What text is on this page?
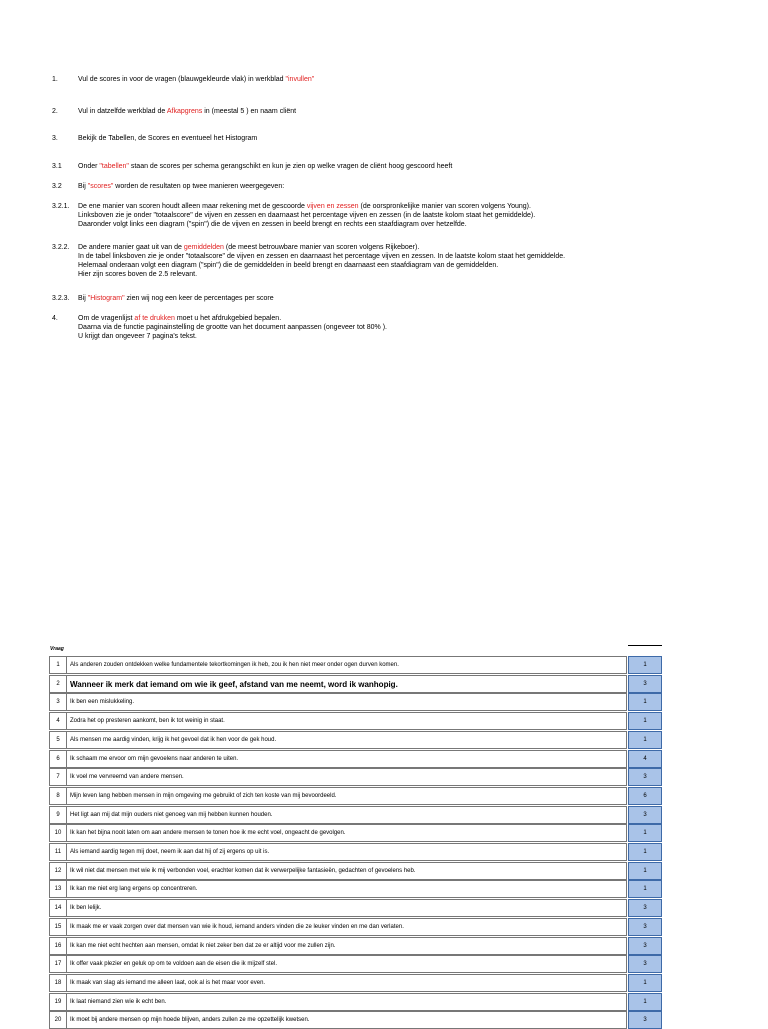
1.	Vul de scores in voor de vragen (blauwgekleurde vlak) in werkblad "invullen"
2.	Vul in datzelfde werkblad de Afkapgrens in (meestal 5 ) en naam cliënt
3.	Bekijk de Tabellen, de Scores en eventueel het Histogram
3.1	Onder "tabellen" staan de scores per schema gerangschikt en kun je zien op welke vragen de cliënt hoog gescoord heeft
3.2	Bij "scores" worden de resultaten op twee manieren weergegeven:
3.2.1.	De ene manier van scoren houdt alleen maar rekening met de gescoorde vijven en zessen (de oorspronkelijke manier van scoren volgens Young).
Linksboven zie je onder "totaalscore" de vijven en zessen en daarnaast het percentage vijven en zessen (in de laatste kolom staat het gemiddelde).
Daaronder volgt links een diagram ("spin") die de vijven en zessen in beeld brengt en rechts een staafdiagram over hetzelfde.
3.2.2.	De andere manier gaat uit van de gemiddelden (de meest betrouwbare manier van scoren volgens Rijkeboer).
In de tabel linksboven zie je onder "totaalscore" de vijven en zessen en daarnaast het percentage vijven en zessen. In de laatste kolom staat het gemiddelde.
Helemaal onderaan volgt een diagram ("spin") die de gemiddelden in beeld brengt en daarnaast een staafdiagram van de gemiddelden.
Hier zijn scores boven de 2.5 relevant.
3.2.3.	Bij "Histogram" zien wij nog een keer de percentages per score
4.	Om de vragenlijst af te drukken moet u het afdrukgebied bepalen.
Daarna via de functie paginainstelling de grootte van het document aanpassen (ongeveer tot 80% ).
U krijgt dan ongeveer 7 pagina's tekst.
Vraag
1	Als anderen zouden ontdekken welke fundamentele tekortkomingen ik heb, zou ik hen niet meer onder ogen durven komen.	1
2	Wanneer ik merk dat iemand om wie ik geef, afstand van me neemt, word ik wanhopig.	3
3	Ik ben een mislukkeling.	1
4	Zodra het op presteren aankomt, ben ik tot weinig in staat.	1
5	Als mensen me aardig vinden, krijg ik het gevoel dat ik hen voor de gek houd.	1
6	Ik schaam me ervoor om mijn gevoelens naar anderen te uiten.	4
7	Ik voel me vervreemd van andere mensen.	3
8	Mijn leven lang hebben mensen in mijn omgeving me gebruikt of zich ten koste van mij bevoordeeld.	6
9	Het ligt aan mij dat mijn ouders niet genoeg van mij hebben kunnen houden.	3
10	Ik kan het bijna nooit laten om aan andere mensen te tonen hoe ik me echt voel, ongeacht de gevolgen.	1
11	Als iemand aardig tegen mij doet, neem ik aan dat hij of zij ergens op uit is.	1
12	Ik wil niet dat mensen met wie ik mij verbonden voel, erachter komen dat ik verwerpelijke fantasieën, gedachten of gevoelens heb.	1
13	Ik kan me niet erg lang ergens op concentreren.	1
14	Ik ben lelijk.	3
15	Ik maak me er vaak zorgen over dat mensen van wie ik houd, iemand anders vinden die ze leuker vinden en me dan verlaten.	3
16	Ik kan me niet echt hechten aan mensen, omdat ik niet zeker ben dat ze er altijd voor me zullen zijn.	3
17	Ik offer vaak plezier en geluk op om te voldoen aan de eisen die ik mijzelf stel.	3
18	Ik maak van slag als iemand me alleen laat, ook al is het maar voor even.	1
19	Ik laat niemand zien wie ik echt ben.	1
20	Ik moet bij andere mensen op mijn hoede blijven, anders zullen ze me opzettelijk kwetsen.	3
